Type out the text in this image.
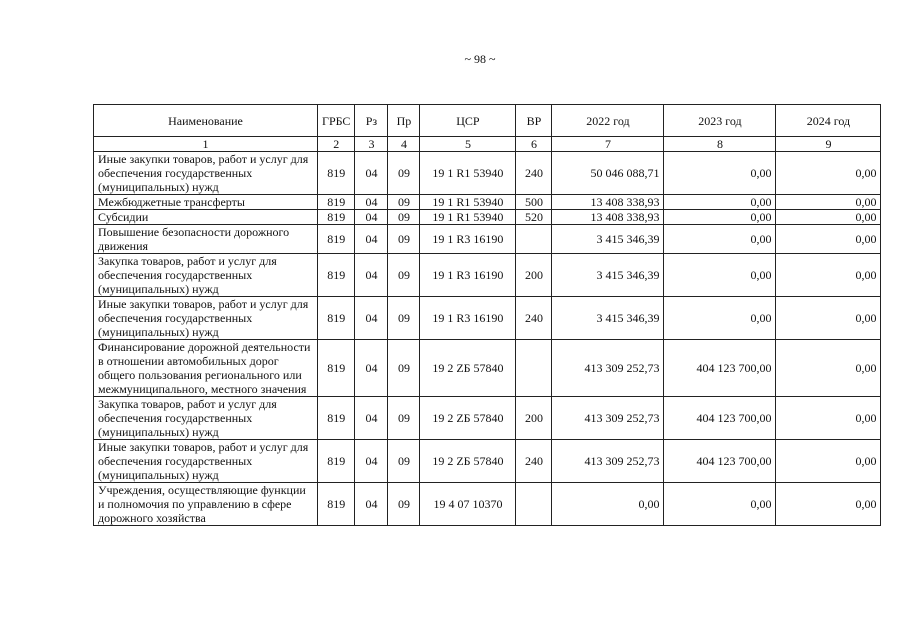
~ 98 ~
Наименование	ГРБС	Рз	Пр	ЦСР	ВР	2022 год	2023 год	2024 год
1	2	3	4	5	6	7	8	9
Иные закупки товаров, работ и услуг для обеспечения государственных (муниципальных) нужд	819	04	09	19 1 R1 53940	240	50 046 088,71	0,00	0,00
Межбюджетные трансферты	819	04	09	19 1 R1 53940	500	13 408 338,93	0,00	0,00
Субсидии	819	04	09	19 1 R1 53940	520	13 408 338,93	0,00	0,00
Повышение безопасности дорожного движения	819	04	09	19 1 R3 16190		3 415 346,39	0,00	0,00
Закупка товаров, работ и услуг для обеспечения государственных (муниципальных) нужд	819	04	09	19 1 R3 16190	200	3 415 346,39	0,00	0,00
Иные закупки товаров, работ и услуг для обеспечения государственных (муниципальных) нужд	819	04	09	19 1 R3 16190	240	3 415 346,39	0,00	0,00
Финансирование дорожной деятельности в отношении автомобильных дорог общего пользования регионального или межмуниципального, местного значения	819	04	09	19 2 ZБ 57840		413 309 252,73	404 123 700,00	0,00
Закупка товаров, работ и услуг для обеспечения государственных (муниципальных) нужд	819	04	09	19 2 ZБ 57840	200	413 309 252,73	404 123 700,00	0,00
Иные закупки товаров, работ и услуг для обеспечения государственных (муниципальных) нужд	819	04	09	19 2 ZБ 57840	240	413 309 252,73	404 123 700,00	0,00
Учреждения, осуществляющие функции и полномочия по управлению в сфере дорожного хозяйства	819	04	09	19 4 07 10370		0,00	0,00	0,00
